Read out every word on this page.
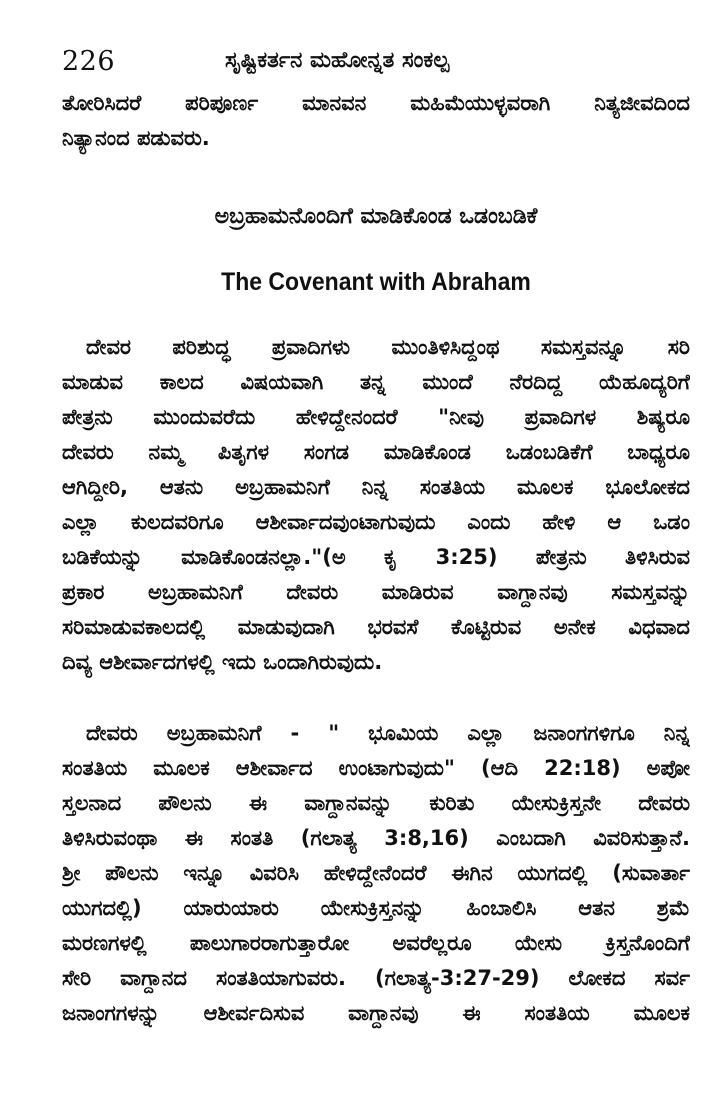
226	ಸೃಷ್ಟಿಕರ್ತನ ಮಹೋನ್ನತ ಸಂಕಲ್ಪ
ತೋರಿಸಿದರೆ ಪರಿಪೂರ್ಣ ಮಾನವನ ಮಹಿಮೆಯುಳ್ಳವರಾಗಿ ನಿತ್ಯಜೀವದಿಂದ
ನಿತ್ಯಾನಂದ ಪಡುವರು.
ಅಬ್ರಹಾಮನೊಂದಿಗೆ ಮಾಡಿಕೊಂಡ ಒಡಂಬಡಿಕೆ
The Covenant with Abraham
ದೇವರ ಪರಿಶುದ್ಧ ಪ್ರವಾದಿಗಳು ಮುಂತಿಳಿಸಿದ್ದಂಥ ಸಮಸ್ತವನ್ನೂ ಸರಿ
ಮಾಡುವ ಕಾಲದ ವಿಷಯವಾಗಿ ತನ್ನ ಮುಂದೆ ನೆರದಿದ್ದ ಯೆಹೂದ್ಯರಿಗೆ
ಪೇತ್ರನು ಮುಂದುವರೆದು ಹೇಳಿದ್ದೇನಂದರೆ "ನೀವು ಪ್ರವಾದಿಗಳ ಶಿಷ್ಯರೂ
ದೇವರು ನಮ್ಮ ಪಿತೃಗಳ ಸಂಗಡ ಮಾಡಿಕೊಂಡ ಒಡಂಬಡಿಕೆಗೆ ಬಾಧ್ಯರೂ
ಆಗಿದ್ದೀರಿ, ಆತನು ಅಬ್ರಹಾಮನಿಗೆ ನಿನ್ನ ಸಂತತಿಯ ಮೂಲಕ ಭೂಲೋಕದ
ಎಲ್ಲಾ ಕುಲದವರಿಗೂ ಆಶೀರ್ವಾದವುಂಟಾಗುವುದು ಎಂದು ಹೇಳಿ ಆ ಒಡಂ
ಬಡಿಕೆಯನ್ನು ಮಾಡಿಕೊಂಡನಲ್ಲಾ."(ಅ ಕೃ 3:25) ಪೇತ್ರನು ತಿಳಿಸಿರುವ
ಪ್ರಕಾರ ಅಬ್ರಹಾಮನಿಗೆ ದೇವರು ಮಾಡಿರುವ ವಾಗ್ದಾನವು ಸಮಸ್ತವನ್ನು
ಸರಿಮಾಡುವಕಾಲದಲ್ಲಿ ಮಾಡುವುದಾಗಿ ಭರವಸೆ ಕೊಟ್ಟಿರುವ ಅನೇಕ ವಿಧವಾದ
ದಿವ್ಯ ಆಶೀರ್ವಾದಗಳಲ್ಲಿ ಇದು ಒಂದಾಗಿರುವುದು.
ದೇವರು ಅಬ್ರಹಾಮನಿಗೆ - " ಭೂಮಿಯ ಎಲ್ಲಾ ಜನಾಂಗಗಳಿಗೂ ನಿನ್ನ
ಸಂತತಿಯ ಮೂಲಕ ಆಶೀರ್ವಾದ ಉಂಟಾಗುವುದು" (ಆದಿ 22:18) ಅಪೋ
ಸ್ತಲನಾದ ಪೌಲನು ಈ ವಾಗ್ದಾನವನ್ನು ಕುರಿತು ಯೇಸುಕ್ರಿಸ್ತನೇ ದೇವರು
ತಿಳಿಸಿರುವಂಥಾ ಈ ಸಂತತಿ (ಗಲಾತ್ಯ 3:8,16) ಎಂಬದಾಗಿ ವಿವರಿಸುತ್ತಾನೆ.
ಶ್ರೀ ಪೌಲನು ಇನ್ನೂ ವಿವರಿಸಿ ಹೇಳಿದ್ದೇನೆಂದರೆ ಈಗಿನ ಯುಗದಲ್ಲಿ (ಸುವಾರ್ತಾ
ಯುಗದಲ್ಲಿ) ಯಾರುಯಾರು ಯೇಸುಕ್ರಿಸ್ತನನ್ನು ಹಿಂಬಾಲಿಸಿ ಆತನ ಶ್ರಮೆ
ಮರಣಗಳಲ್ಲಿ ಪಾಲುಗಾರರಾಗುತ್ತಾರೋ ಅವರೆಲ್ಲರೂ ಯೇಸು ಕ್ರಿಸ್ತನೊಂದಿಗೆ
ಸೇರಿ ವಾಗ್ದಾನದ ಸಂತತಿಯಾಗುವರು. (ಗಲಾತ್ಯ-3:27-29) ಲೋಕದ ಸರ್ವ
ಜನಾಂಗಗಳನ್ನು ಆಶೀರ್ವದಿಸುವ ವಾಗ್ದಾನವು ಈ ಸಂತತಿಯ ಮೂಲಕ
